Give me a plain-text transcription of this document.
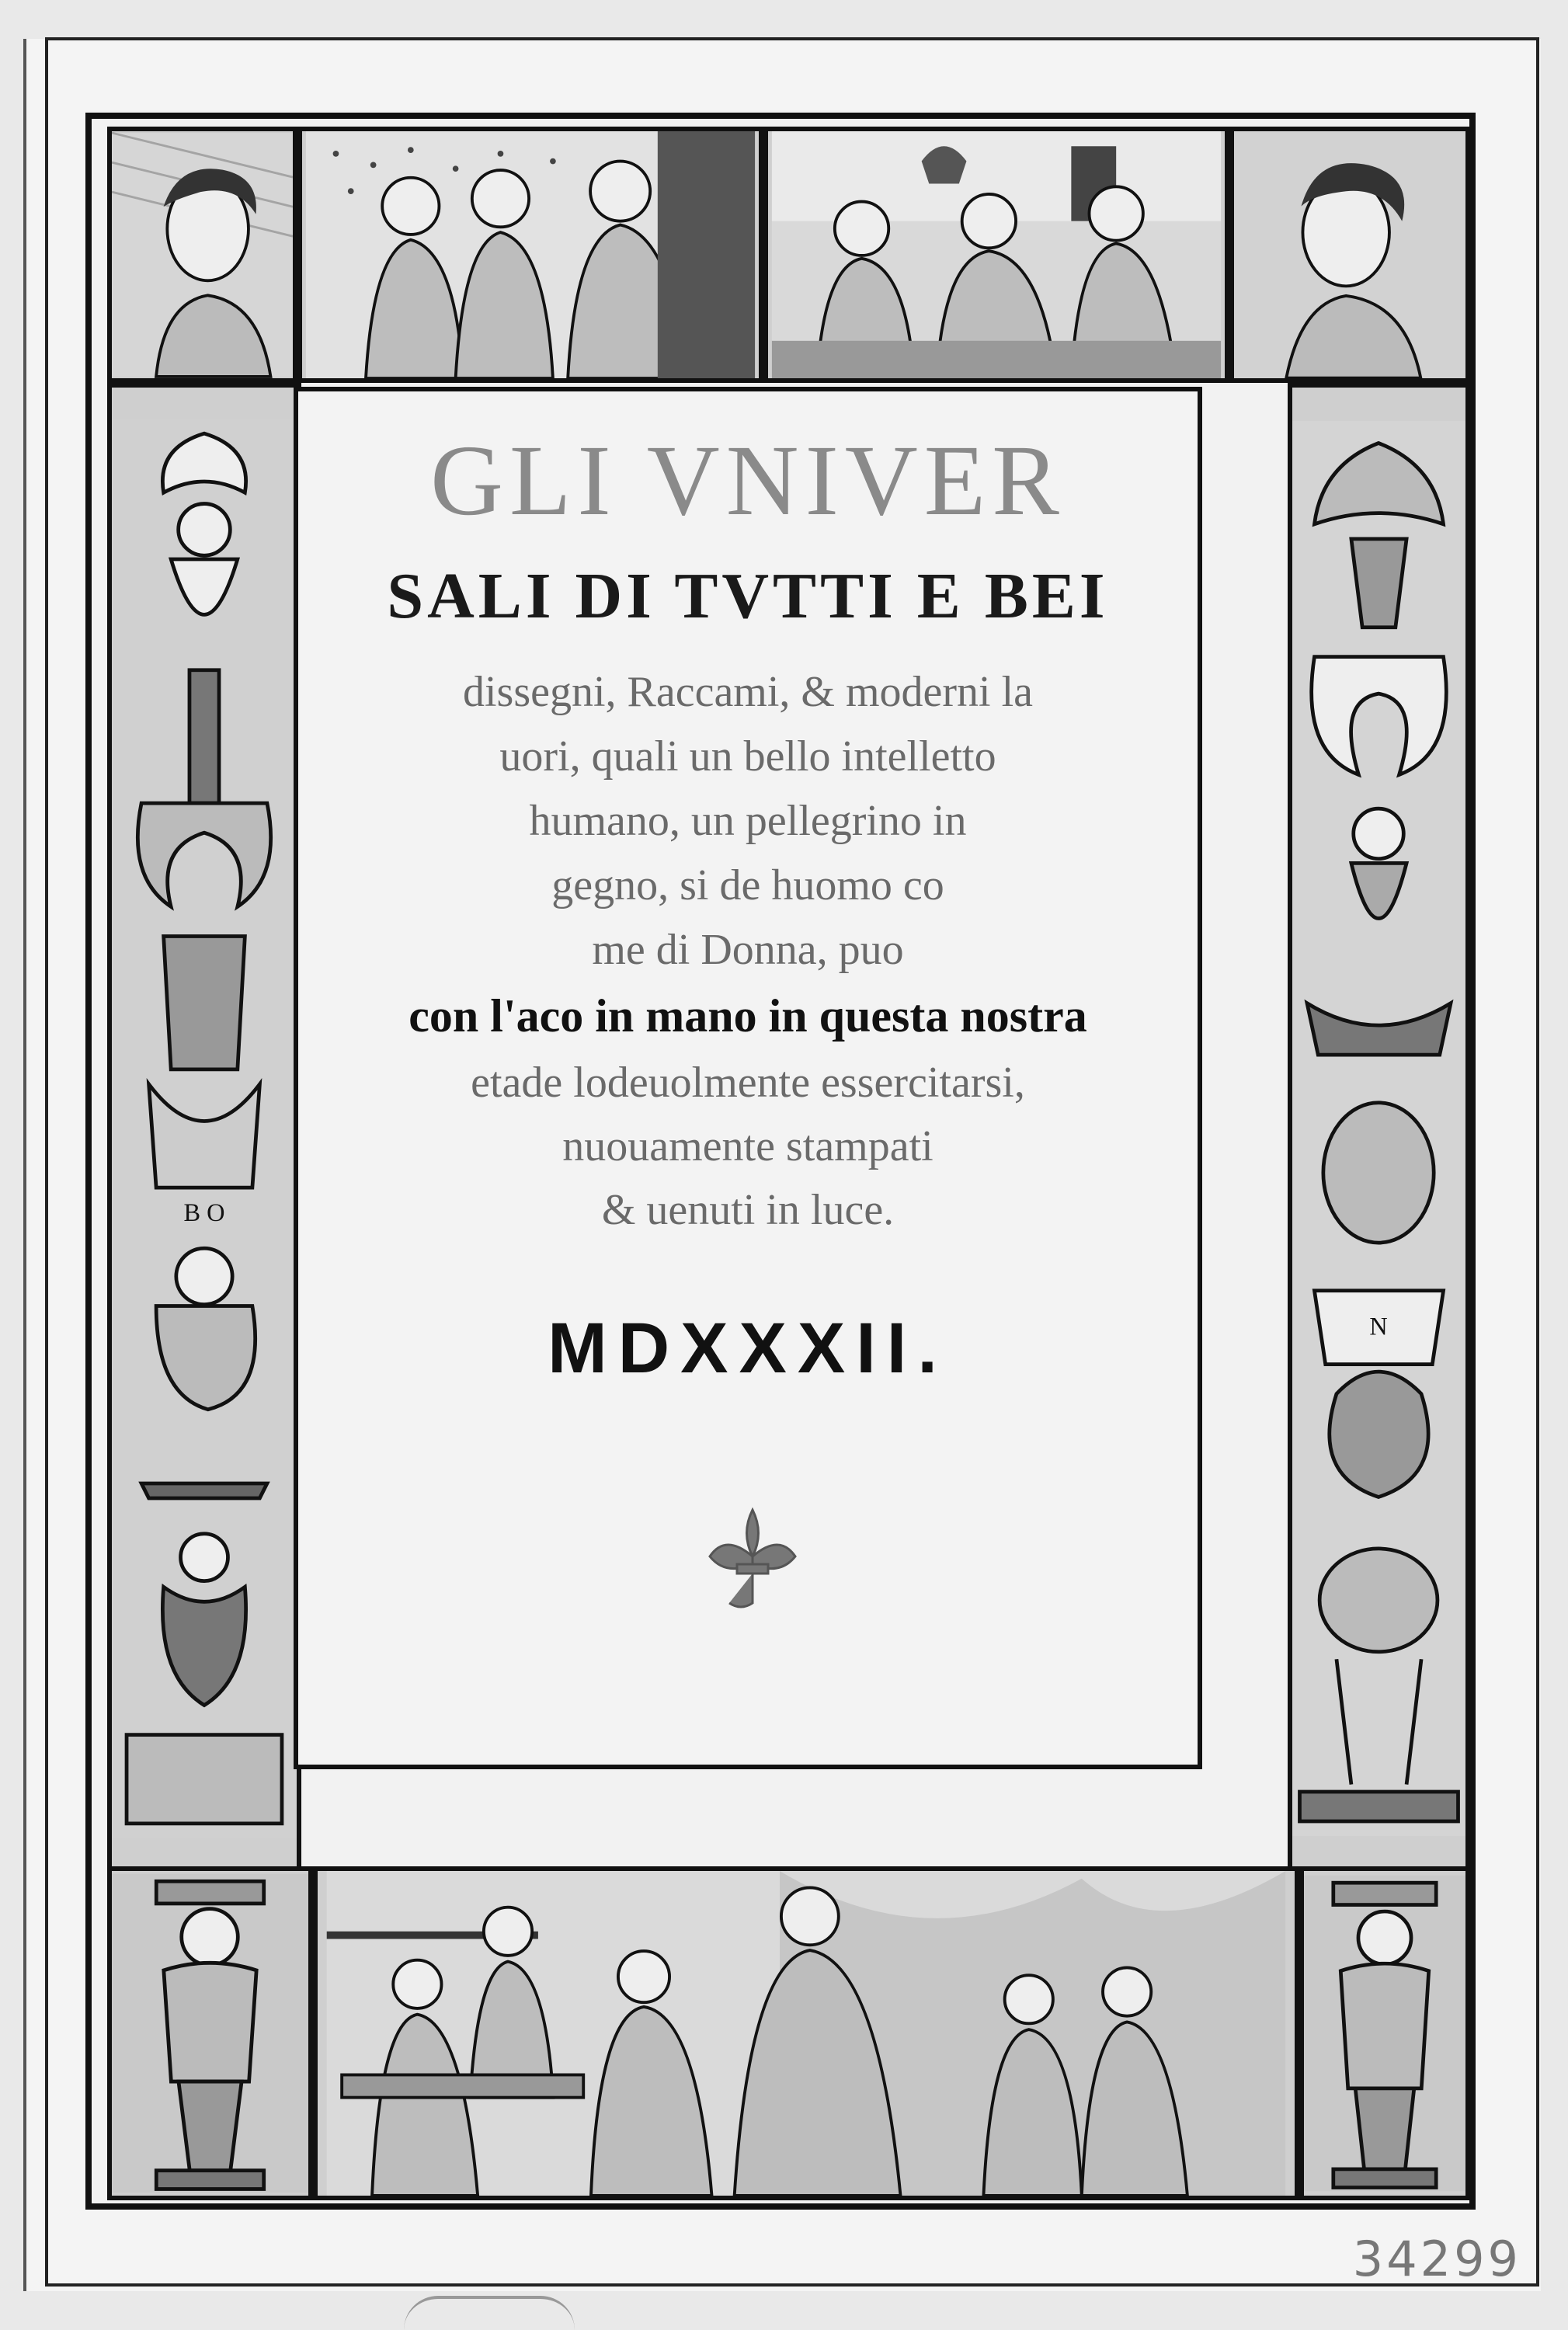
B O
N
GLI VNIVER
SALI DI TVTTI E BEI
dissegni, Raccami, & moderni la
uori, quali un bello intelletto
humano, un pellegrino in
gegno, si de huomo co
me di Donna, puo
con l'aco in mano in questa nostra
etade lodeuolmente essercitarsi,
nuouamente stampati
& uenuti in luce.
MDXXXII.
34299
